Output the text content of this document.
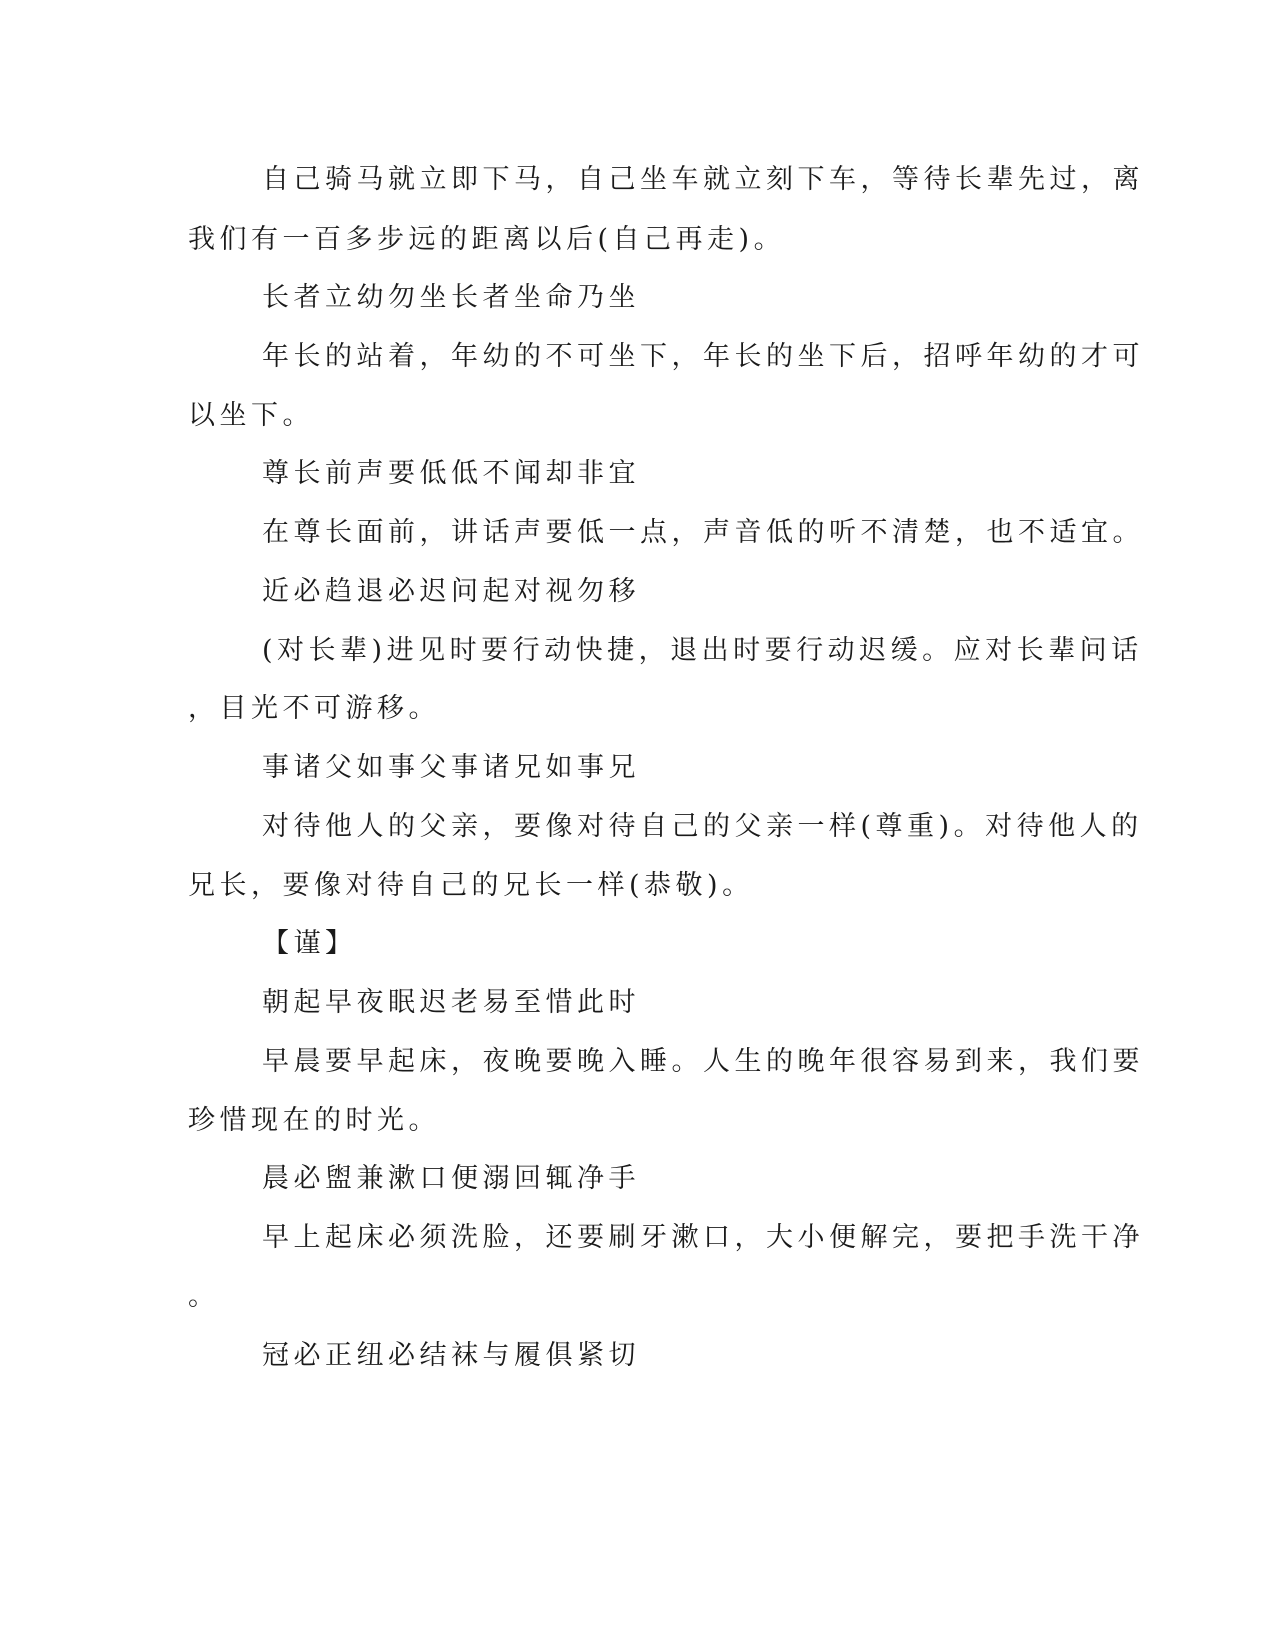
自己骑马就立即下马，自己坐车就立刻下车，等待长辈先过，离
我们有一百多步远的距离以后(自己再走)。
长者立幼勿坐长者坐命乃坐
年长的站着，年幼的不可坐下，年长的坐下后，招呼年幼的才可
以坐下。
尊长前声要低低不闻却非宜
在尊长面前，讲话声要低一点，声音低的听不清楚，也不适宜。
近必趋退必迟问起对视勿移
(对长辈)进见时要行动快捷，退出时要行动迟缓。应对长辈问话
，目光不可游移。
事诸父如事父事诸兄如事兄
对待他人的父亲，要像对待自己的父亲一样(尊重)。对待他人的
兄长，要像对待自己的兄长一样(恭敬)。
【谨】
朝起早夜眠迟老易至惜此时
早晨要早起床，夜晚要晚入睡。人生的晚年很容易到来，我们要
珍惜现在的时光。
晨必盥兼漱口便溺回辄净手
早上起床必须洗脸，还要刷牙漱口，大小便解完，要把手洗干净
。
冠必正纽必结袜与履俱紧切
